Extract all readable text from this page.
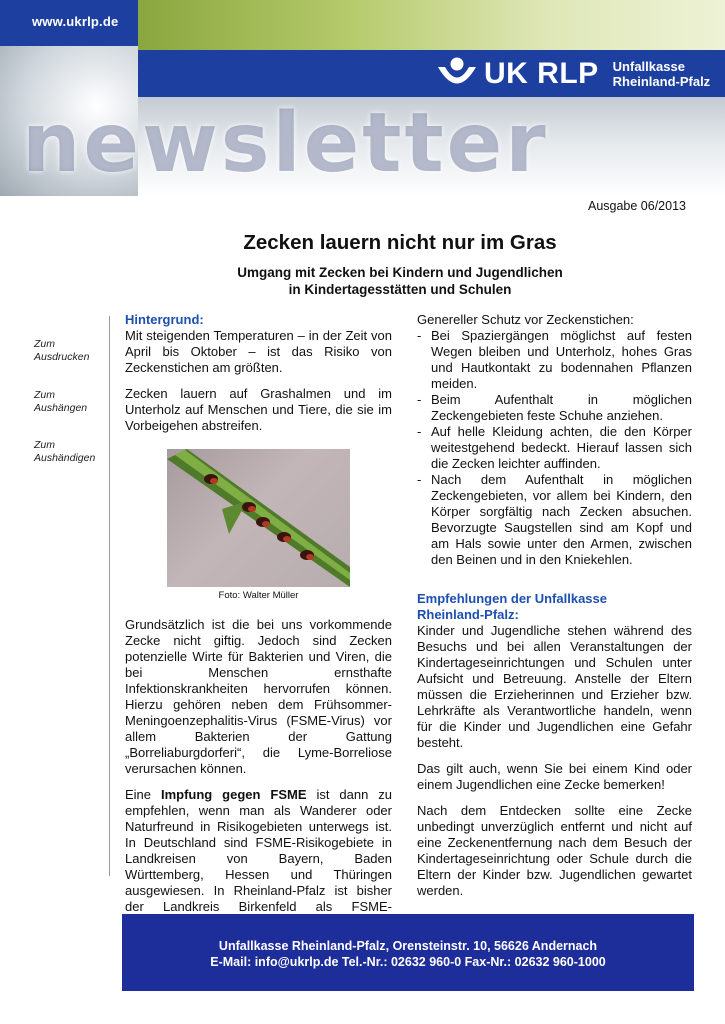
www.ukrlp.de
newsletter
UK RLP Unfallkasse
Rheinland-Pfalz
Ausgabe 06/2013
Zecken lauern nicht nur im Gras
Umgang mit Zecken bei Kindern und Jugendlichen
in Kindertagesstätten und Schulen
Zum
Ausdrucken
Zum
Aushängen
Zum
Aushändigen

Hintergrund:

Mit steigenden Temperaturen – in der Zeit von April bis Oktober – ist das Risiko von Zeckenstichen am größten.

Zecken lauern auf Grashalmen und im Unterholz auf Menschen und Tiere, die sie im Vorbeigehen abstreifen.

Foto: Walter Müller

Grundsätzlich ist die bei uns vorkommende Zecke nicht giftig. Jedoch sind Zecken potenzielle Wirte für Bakterien und Viren, die bei Menschen ernsthafte Infektionskrankheiten hervorrufen können. Hierzu gehören neben dem Frühsommer-Meningoenzephalitis-Virus (FSME-Virus) vor allem Bakterien der Gattung „Borreliaburgdorferi“, die Lyme-Borreliose verursachen können.

Eine Impfung gegen FSME ist dann zu empfehlen, wenn man als Wanderer oder Naturfreund in Risikogebieten unterwegs ist. In Deutschland sind FSME-Risikogebiete in Landkreisen von Bayern, Baden Württemberg, Hessen und Thüringen ausgewiesen. In Rheinland-Pfalz ist bisher der Landkreis Birkenfeld als FSME-

Genereller Schutz vor Zeckenstichen:

- Bei Spaziergängen möglichst auf festen Wegen bleiben und Unterholz, hohes Gras und Hautkontakt zu bodennahen Pflanzen meiden.
- Beim Aufenthalt in möglichen Zeckengebieten feste Schuhe anziehen.
- Auf helle Kleidung achten, die den Körper weitestgehend bedeckt. Hierauf lassen sich die Zecken leichter auffinden.
- Nach dem Aufenthalt in möglichen Zeckengebieten, vor allem bei Kindern, den Körper sorgfältig nach Zecken absuchen. Bevorzugte Saugstellen sind am Kopf und am Hals sowie unter den Armen, zwischen den Beinen und in den Kniekehlen.

Empfehlungen der Unfallkasse
Rheinland-Pfalz:

Kinder und Jugendliche stehen während des Besuchs und bei allen Veranstaltungen der Kindertageseinrichtungen und Schulen unter Aufsicht und Betreuung. Anstelle der Eltern müssen die Erzieherinnen und Erzieher bzw. Lehrkräfte als Verantwortliche handeln, wenn für die Kinder und Jugendlichen eine Gefahr besteht.

Das gilt auch, wenn Sie bei einem Kind oder einem Jugendlichen eine Zecke bemerken!

Nach dem Entdecken sollte eine Zecke unbedingt unverzüglich entfernt und nicht auf eine Zeckenentfernung nach dem Besuch der Kindertageseinrichtung oder Schule durch die Eltern der Kinder bzw. Jugendlichen gewartet werden.

Unfallkasse Rheinland-Pfalz, Orensteinstr. 10, 56626 Andernach
E-Mail: info@ukrlp.de Tel.-Nr.: 02632 960-0 Fax-Nr.: 02632 960-1000
